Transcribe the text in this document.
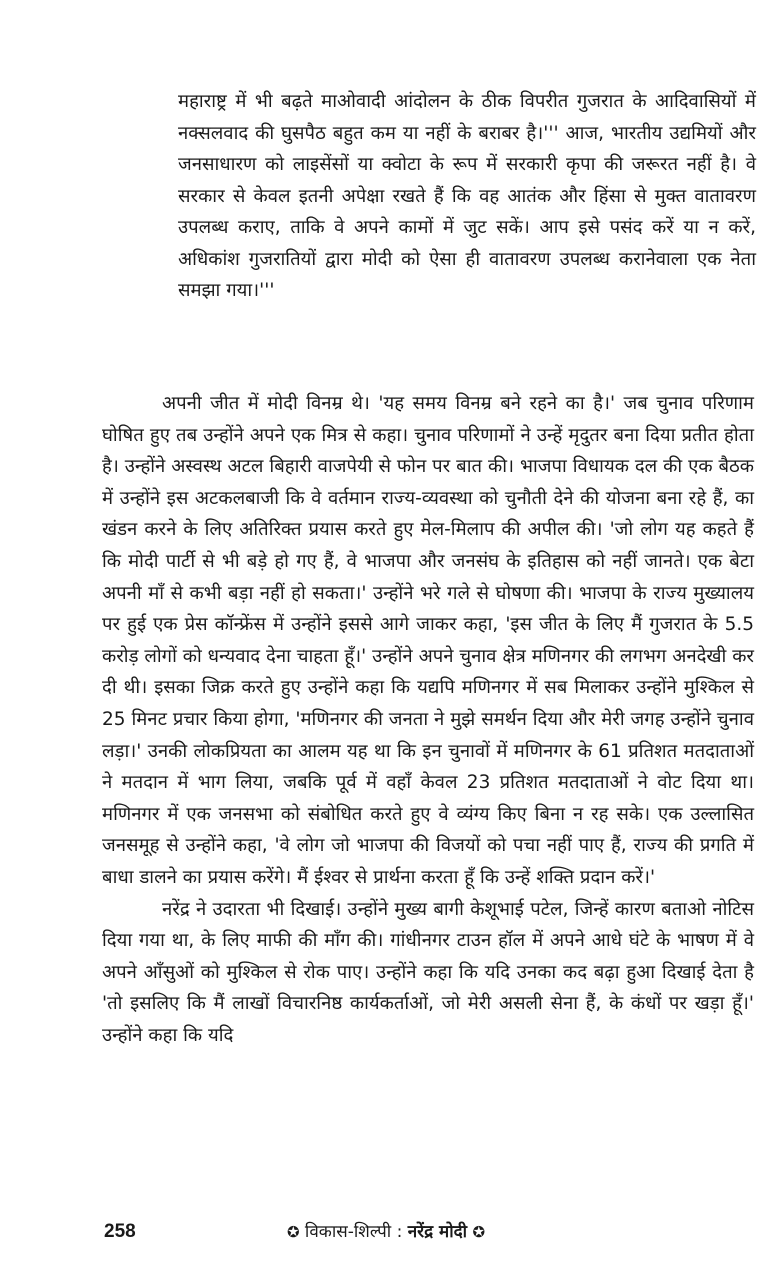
महाराष्ट्र में भी बढ़ते माओवादी आंदोलन के ठीक विपरीत गुजरात के आदिवासियों में नक्सलवाद की घुसपैठ बहुत कम या नहीं के बराबर है।''' आज, भारतीय उद्यमियों और जनसाधारण को लाइसेंसों या क्वोटा के रूप में सरकारी कृपा की जरूरत नहीं है। वे सरकार से केवल इतनी अपेक्षा रखते हैं कि वह आतंक और हिंसा से मुक्त वातावरण उपलब्ध कराए, ताकि वे अपने कामों में जुट सकें। आप इसे पसंद करें या न करें, अधिकांश गुजरातियों द्वारा मोदी को ऐसा ही वातावरण उपलब्ध करानेवाला एक नेता समझा गया।'''

अपनी जीत में मोदी विनम्र थे। 'यह समय विनम्र बने रहने का है।' जब चुनाव परिणाम घोषित हुए तब उन्होंने अपने एक मित्र से कहा। चुनाव परिणामों ने उन्हें मृदुतर बना दिया प्रतीत होता है। उन्होंने अस्वस्थ अटल बिहारी वाजपेयी से फोन पर बात की। भाजपा विधायक दल की एक बैठक में उन्होंने इस अटकलबाजी कि वे वर्तमान राज्य-व्यवस्था को चुनौती देने की योजना बना रहे हैं, का खंडन करने के लिए अतिरिक्त प्रयास करते हुए मेल-मिलाप की अपील की। 'जो लोग यह कहते हैं कि मोदी पार्टी से भी बड़े हो गए हैं, वे भाजपा और जनसंघ के इतिहास को नहीं जानते। एक बेटा अपनी माँ से कभी बड़ा नहीं हो सकता।' उन्होंने भरे गले से घोषणा की। भाजपा के राज्य मुख्यालय पर हुई एक प्रेस कॉन्फ्रेंस में उन्होंने इससे आगे जाकर कहा, 'इस जीत के लिए मैं गुजरात के 5.5 करोड़ लोगों को धन्यवाद देना चाहता हूँ।' उन्होंने अपने चुनाव क्षेत्र मणिनगर की लगभग अनदेखी कर दी थी। इसका जिक्र करते हुए उन्होंने कहा कि यद्यपि मणिनगर में सब मिलाकर उन्होंने मुश्किल से 25 मिनट प्रचार किया होगा, 'मणिनगर की जनता ने मुझे समर्थन दिया और मेरी जगह उन्होंने चुनाव लड़ा।' उनकी लोकप्रियता का आलम यह था कि इन चुनावों में मणिनगर के 61 प्रतिशत मतदाताओं ने मतदान में भाग लिया, जबकि पूर्व में वहाँ केवल 23 प्रतिशत मतदाताओं ने वोट दिया था। मणिनगर में एक जनसभा को संबोधित करते हुए वे व्यंग्य किए बिना न रह सके। एक उल्लासित जनसमूह से उन्होंने कहा, 'वे लोग जो भाजपा की विजयों को पचा नहीं पाए हैं, राज्य की प्रगति में बाधा डालने का प्रयास करेंगे। मैं ईश्वर से प्रार्थना करता हूँ कि उन्हें शक्ति प्रदान करें।'

नरेंद्र ने उदारता भी दिखाई। उन्होंने मुख्य बागी केशूभाई पटेल, जिन्हें कारण बताओ नोटिस दिया गया था, के लिए माफी की माँग की। गांधीनगर टाउन हॉल में अपने आधे घंटे के भाषण में वे अपने आँसुओं को मुश्किल से रोक पाए। उन्होंने कहा कि यदि उनका कद बढ़ा हुआ दिखाई देता है 'तो इसलिए कि मैं लाखों विचारनिष्ठ कार्यकर्ताओं, जो मेरी असली सेना हैं, के कंधों पर खड़ा हूँ।' उन्होंने कहा कि यदि

258	✪ विकास-शिल्पी : नरेंद्र मोदी ✪
